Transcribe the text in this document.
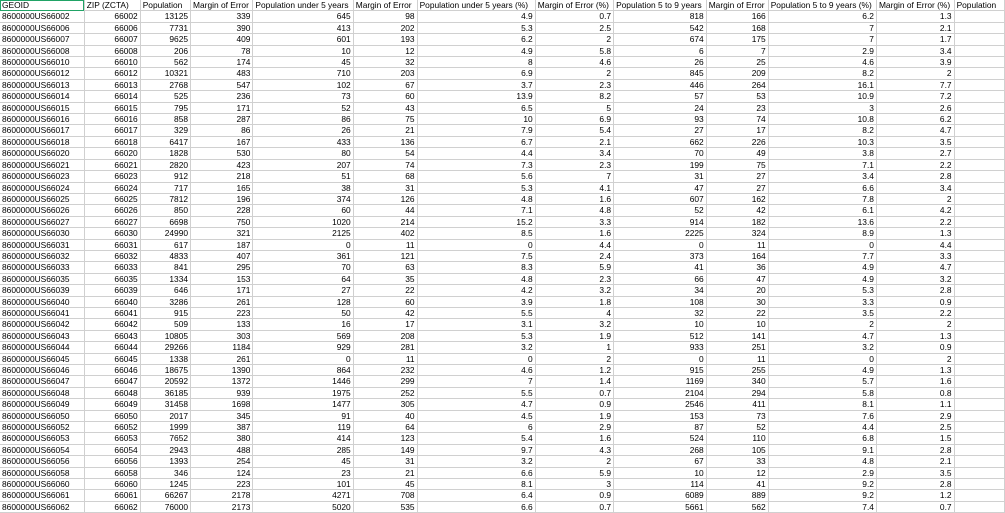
GEOID	ZIP (ZCTA)	Population	Margin of Error	Population under 5 years	Margin of Error	Population under 5 years (%)	Margin of Error (%)	Population 5 to 9 years	Margin of Error	Population 5 to 9 years (%)	Margin of Error (%)	Population
8600000US66002	66002	13125	339	645	98	4.9	0.7	818	166	6.2	1.3	
8600000US66006	66006	7731	390	413	202	5.3	2.5	542	168	7	2.1	
8600000US66007	66007	9625	409	601	193	6.2	2	674	175	7	1.7	
8600000US66008	66008	206	78	10	12	4.9	5.8	6	7	2.9	3.4	
8600000US66010	66010	562	174	45	32	8	4.6	26	25	4.6	3.9	
8600000US66012	66012	10321	483	710	203	6.9	2	845	209	8.2	2	
8600000US66013	66013	2768	547	102	67	3.7	2.3	446	264	16.1	7.7	
8600000US66014	66014	525	236	73	60	13.9	8.2	57	53	10.9	7.2	
8600000US66015	66015	795	171	52	43	6.5	5	24	23	3	2.6	
8600000US66016	66016	858	287	86	75	10	6.9	93	74	10.8	6.2	
8600000US66017	66017	329	86	26	21	7.9	5.4	27	17	8.2	4.7	
8600000US66018	66018	6417	167	433	136	6.7	2.1	662	226	10.3	3.5	
8600000US66020	66020	1828	530	80	54	4.4	3.4	70	49	3.8	2.7	
8600000US66021	66021	2820	423	207	74	7.3	2.3	199	75	7.1	2.2	
8600000US66023	66023	912	218	51	68	5.6	7	31	27	3.4	2.8	
8600000US66024	66024	717	165	38	31	5.3	4.1	47	27	6.6	3.4	
8600000US66025	66025	7812	196	374	126	4.8	1.6	607	162	7.8	2	
8600000US66026	66026	850	228	60	44	7.1	4.8	52	42	6.1	4.2	
8600000US66027	66027	6698	750	1020	214	15.2	3.3	914	182	13.6	2.2	
8600000US66030	66030	24990	321	2125	402	8.5	1.6	2225	324	8.9	1.3	
8600000US66031	66031	617	187	0	11	0	4.4	0	11	0	4.4	
8600000US66032	66032	4833	407	361	121	7.5	2.4	373	164	7.7	3.3	
8600000US66033	66033	841	295	70	63	8.3	5.9	41	36	4.9	4.7	
8600000US66035	66035	1334	153	64	35	4.8	2.3	66	47	4.9	3.2	
8600000US66039	66039	646	171	27	22	4.2	3.2	34	20	5.3	2.8	
8600000US66040	66040	3286	261	128	60	3.9	1.8	108	30	3.3	0.9	
8600000US66041	66041	915	223	50	42	5.5	4	32	22	3.5	2.2	
8600000US66042	66042	509	133	16	17	3.1	3.2	10	10	2	2	
8600000US66043	66043	10805	303	569	208	5.3	1.9	512	141	4.7	1.3	
8600000US66044	66044	29266	1184	929	281	3.2	1	933	251	3.2	0.9	
8600000US66045	66045	1338	261	0	11	0	2	0	11	0	2	
8600000US66046	66046	18675	1390	864	232	4.6	1.2	915	255	4.9	1.3	
8600000US66047	66047	20592	1372	1446	299	7	1.4	1169	340	5.7	1.6	
8600000US66048	66048	36185	939	1975	252	5.5	0.7	2104	294	5.8	0.8	
8600000US66049	66049	31458	1698	1477	305	4.7	0.9	2546	411	8.1	1.1	
8600000US66050	66050	2017	345	91	40	4.5	1.9	153	73	7.6	2.9	
8600000US66052	66052	1999	387	119	64	6	2.9	87	52	4.4	2.5	
8600000US66053	66053	7652	380	414	123	5.4	1.6	524	110	6.8	1.5	
8600000US66054	66054	2943	488	285	149	9.7	4.3	268	105	9.1	2.8	
8600000US66056	66056	1393	254	45	31	3.2	2	67	33	4.8	2.1	
8600000US66058	66058	346	124	23	21	6.6	5.9	10	12	2.9	3.5	
8600000US66060	66060	1245	223	101	45	8.1	3	114	41	9.2	2.8	
8600000US66061	66061	66267	2178	4271	708	6.4	0.9	6089	889	9.2	1.2	
8600000US66062	66062	76000	2173	5020	535	6.6	0.7	5661	562	7.4	0.7	
